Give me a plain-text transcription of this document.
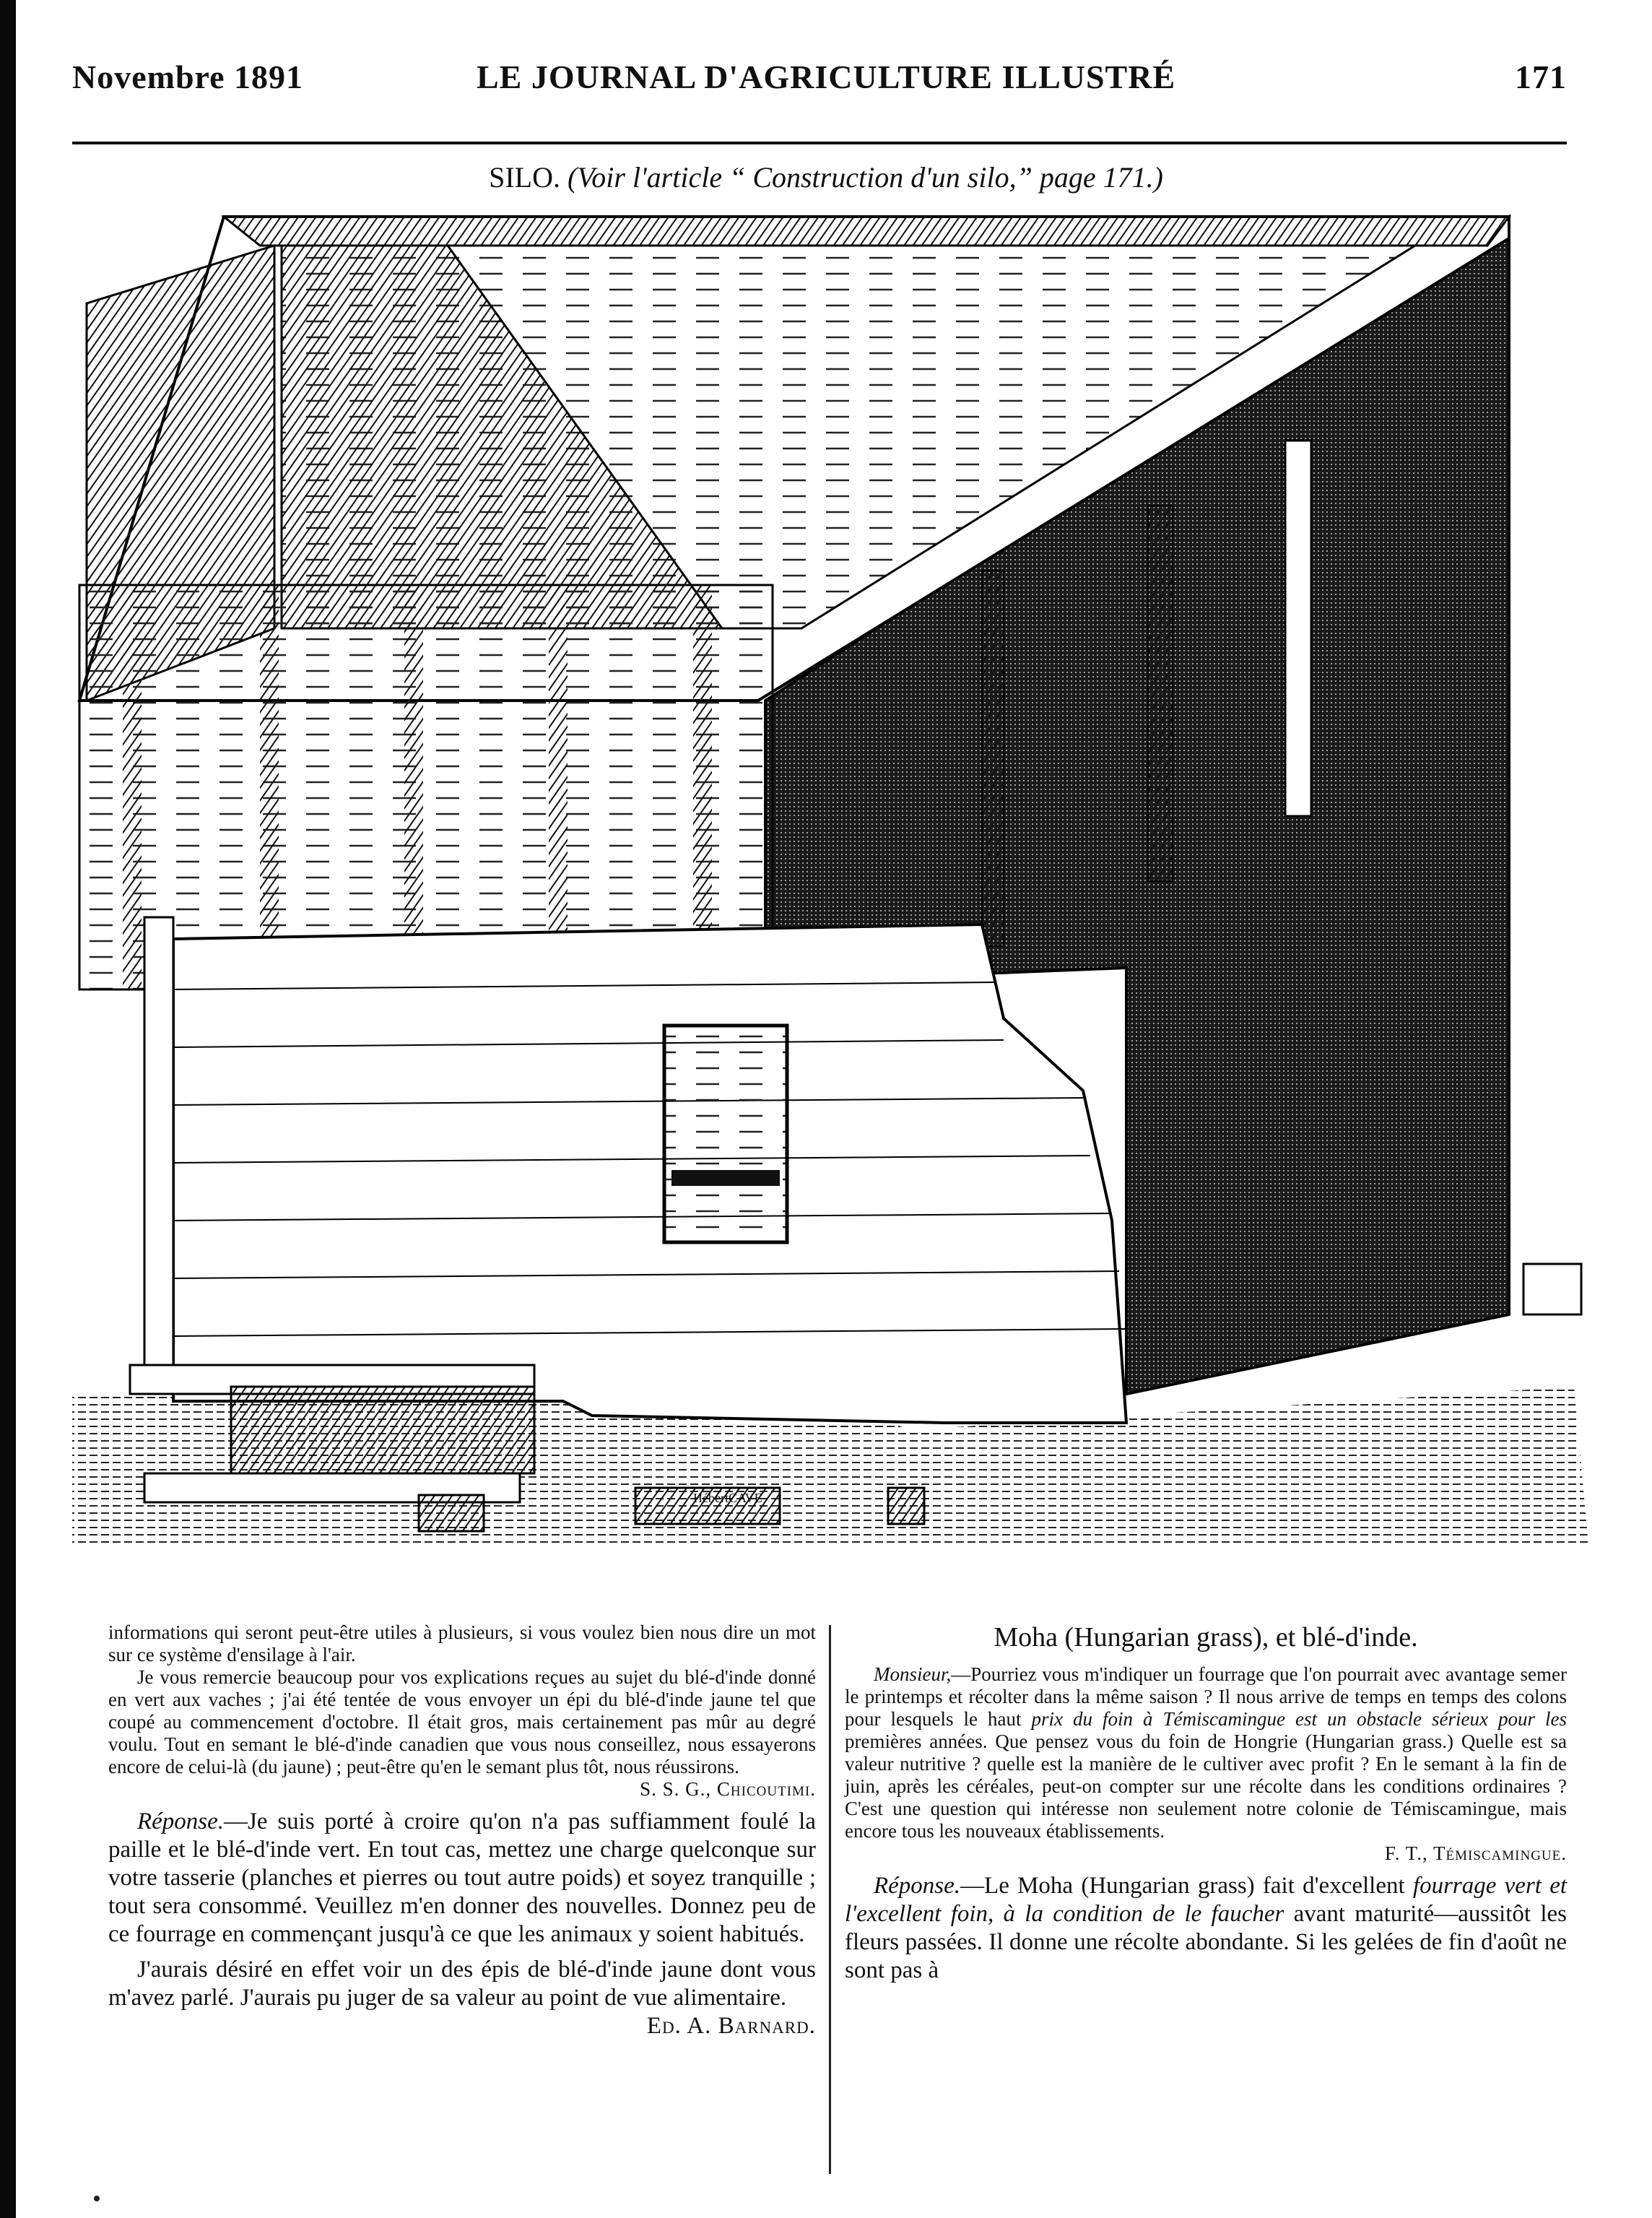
Novembre 1891	LE JOURNAL D'AGRICULTURE ILLUSTRÉ	171
SILO. (Voir l'article “ Construction d'un silo,” page 171.)
HébertCAVE

informations qui seront peut-être utiles à plusieurs, si vous voulez bien nous dire un mot sur ce système d'ensilage à l'air.

Je vous remercie beaucoup pour vos explications reçues au sujet du blé-d'inde donné en vert aux vaches ; j'ai été tentée de vous envoyer un épi du blé-d'inde jaune tel que coupé au commencement d'octobre. Il était gros, mais certainement pas mûr au degré voulu. Tout en semant le blé-d'inde canadien que vous nous conseillez, nous essayerons encore de celui-là (du jaune) ; peut-être qu'en le semant plus tôt, nous réussirons.

S. S. G., Chicoutimi.

Réponse.—Je suis porté à croire qu'on n'a pas suffiamment foulé la paille et le blé-d'inde vert. En tout cas, mettez une charge quelconque sur votre tasserie (planches et pierres ou tout autre poids) et soyez tranquille ; tout sera consommé. Veuillez m'en donner des nouvelles. Donnez peu de ce fourrage en commençant jusqu'à ce que les animaux y soient habitués.

J'aurais désiré en effet voir un des épis de blé-d'inde jaune dont vous m'avez parlé. J'aurais pu juger de sa valeur au point de vue alimentaire.

Ed. A. Barnard.

Moha (Hungarian grass), et blé-d'inde.

Monsieur,—Pourriez vous m'indiquer un fourrage que l'on pourrait avec avantage semer le printemps et récolter dans la même saison ? Il nous arrive de temps en temps des colons pour lesquels le haut prix du foin à Témiscamingue est un obstacle sérieux pour les premières années. Que pensez vous du foin de Hongrie (Hungarian grass.) Quelle est sa valeur nutritive ? quelle est la manière de le cultiver avec profit ? En le semant à la fin de juin, après les céréales, peut-on compter sur une récolte dans les conditions ordinaires ? C'est une question qui intéresse non seulement notre colonie de Témiscamingue, mais encore tous les nouveaux établissements.

F. T., Témiscamingue.

Réponse.—Le Moha (Hungarian grass) fait d'excellent fourrage vert et l'excellent foin, à la condition de le faucher avant maturité—aussitôt les fleurs passées. Il donne une récolte abondante. Si les gelées de fin d'août ne sont pas à
